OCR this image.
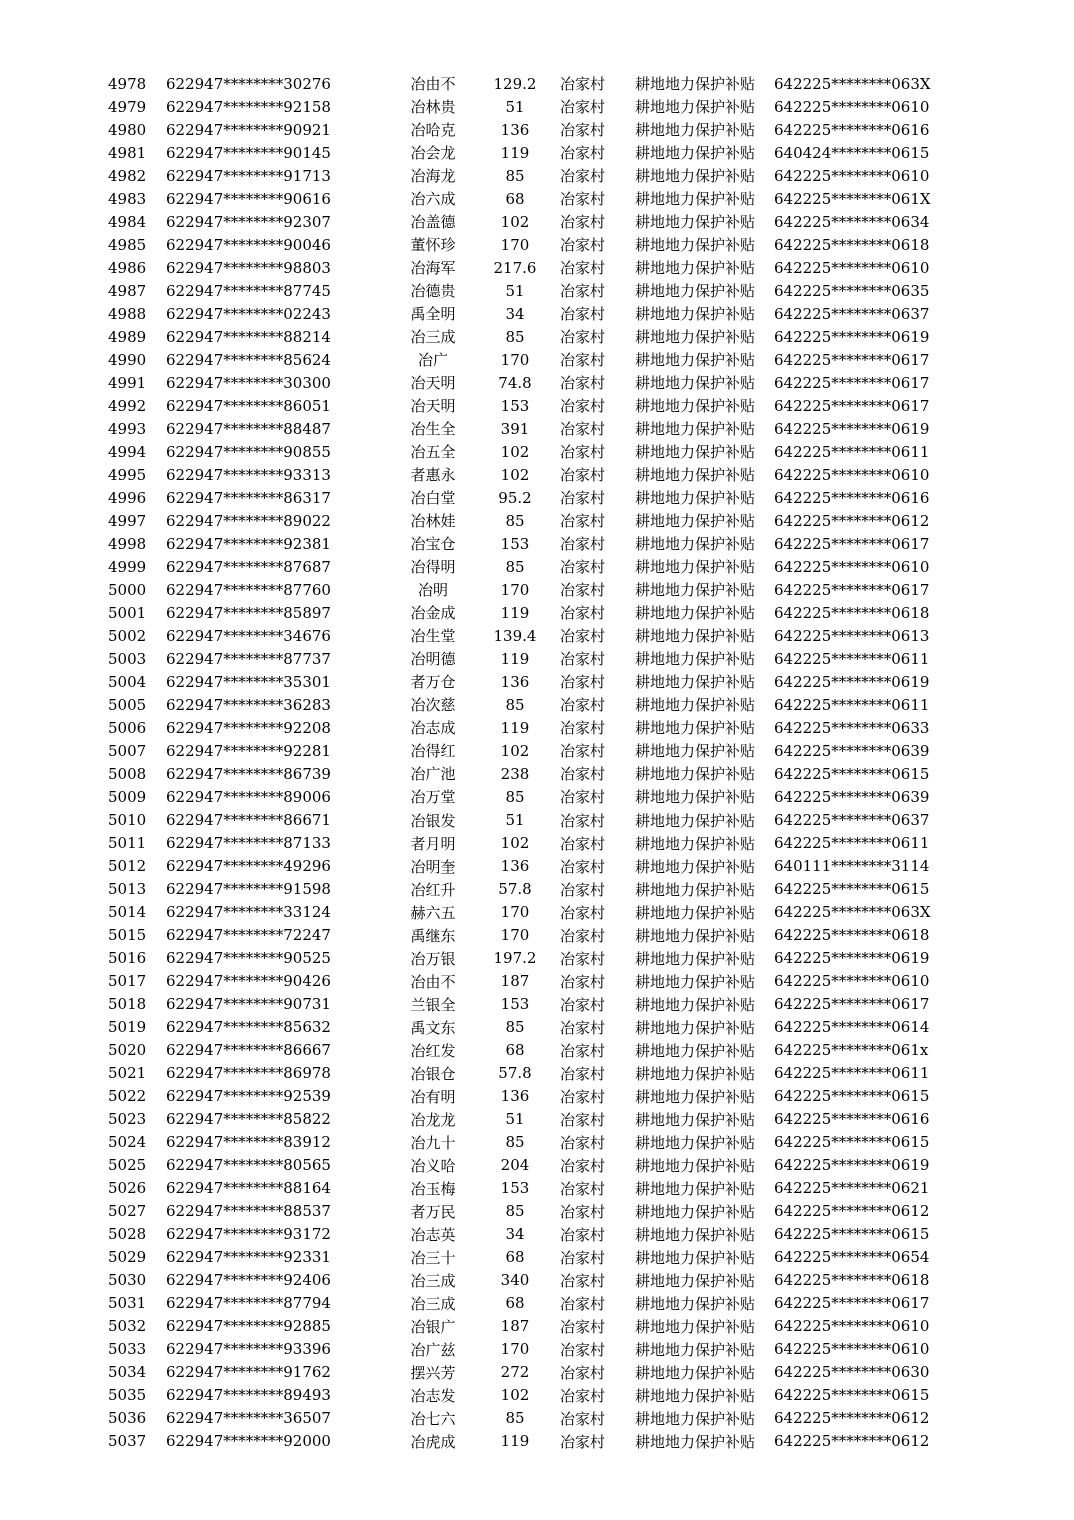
4978	622947********30276	冶由不	129.2	冶家村	耕地地力保护补贴	642225********063X
4979	622947********92158	冶林贵	51	冶家村	耕地地力保护补贴	642225********0610
4980	622947********90921	冶哈克	136	冶家村	耕地地力保护补贴	642225********0616
4981	622947********90145	冶会龙	119	冶家村	耕地地力保护补贴	640424********0615
4982	622947********91713	冶海龙	85	冶家村	耕地地力保护补贴	642225********0610
4983	622947********90616	冶六成	68	冶家村	耕地地力保护补贴	642225********061X
4984	622947********92307	冶盖德	102	冶家村	耕地地力保护补贴	642225********0634
4985	622947********90046	董怀珍	170	冶家村	耕地地力保护补贴	642225********0618
4986	622947********98803	冶海军	217.6	冶家村	耕地地力保护补贴	642225********0610
4987	622947********87745	冶德贵	51	冶家村	耕地地力保护补贴	642225********0635
4988	622947********02243	禹全明	34	冶家村	耕地地力保护补贴	642225********0637
4989	622947********88214	冶三成	85	冶家村	耕地地力保护补贴	642225********0619
4990	622947********85624	冶广	170	冶家村	耕地地力保护补贴	642225********0617
4991	622947********30300	冶天明	74.8	冶家村	耕地地力保护补贴	642225********0617
4992	622947********86051	冶天明	153	冶家村	耕地地力保护补贴	642225********0617
4993	622947********88487	冶生全	391	冶家村	耕地地力保护补贴	642225********0619
4994	622947********90855	冶五全	102	冶家村	耕地地力保护补贴	642225********0611
4995	622947********93313	者惠永	102	冶家村	耕地地力保护补贴	642225********0610
4996	622947********86317	冶白堂	95.2	冶家村	耕地地力保护补贴	642225********0616
4997	622947********89022	冶林娃	85	冶家村	耕地地力保护补贴	642225********0612
4998	622947********92381	冶宝仓	153	冶家村	耕地地力保护补贴	642225********0617
4999	622947********87687	冶得明	85	冶家村	耕地地力保护补贴	642225********0610
5000	622947********87760	冶明	170	冶家村	耕地地力保护补贴	642225********0617
5001	622947********85897	冶金成	119	冶家村	耕地地力保护补贴	642225********0618
5002	622947********34676	冶生堂	139.4	冶家村	耕地地力保护补贴	642225********0613
5003	622947********87737	冶明德	119	冶家村	耕地地力保护补贴	642225********0611
5004	622947********35301	者万仓	136	冶家村	耕地地力保护补贴	642225********0619
5005	622947********36283	冶次慈	85	冶家村	耕地地力保护补贴	642225********0611
5006	622947********92208	冶志成	119	冶家村	耕地地力保护补贴	642225********0633
5007	622947********92281	冶得红	102	冶家村	耕地地力保护补贴	642225********0639
5008	622947********86739	冶广池	238	冶家村	耕地地力保护补贴	642225********0615
5009	622947********89006	冶万堂	85	冶家村	耕地地力保护补贴	642225********0639
5010	622947********86671	冶银发	51	冶家村	耕地地力保护补贴	642225********0637
5011	622947********87133	者月明	102	冶家村	耕地地力保护补贴	642225********0611
5012	622947********49296	冶明奎	136	冶家村	耕地地力保护补贴	640111********3114
5013	622947********91598	冶红升	57.8	冶家村	耕地地力保护补贴	642225********0615
5014	622947********33124	赫六五	170	冶家村	耕地地力保护补贴	642225********063X
5015	622947********72247	禹继东	170	冶家村	耕地地力保护补贴	642225********0618
5016	622947********90525	冶万银	197.2	冶家村	耕地地力保护补贴	642225********0619
5017	622947********90426	冶由不	187	冶家村	耕地地力保护补贴	642225********0610
5018	622947********90731	兰银全	153	冶家村	耕地地力保护补贴	642225********0617
5019	622947********85632	禹文东	85	冶家村	耕地地力保护补贴	642225********0614
5020	622947********86667	冶红发	68	冶家村	耕地地力保护补贴	642225********061x
5021	622947********86978	冶银仓	57.8	冶家村	耕地地力保护补贴	642225********0611
5022	622947********92539	冶有明	136	冶家村	耕地地力保护补贴	642225********0615
5023	622947********85822	冶龙龙	51	冶家村	耕地地力保护补贴	642225********0616
5024	622947********83912	冶九十	85	冶家村	耕地地力保护补贴	642225********0615
5025	622947********80565	冶义哈	204	冶家村	耕地地力保护补贴	642225********0619
5026	622947********88164	冶玉梅	153	冶家村	耕地地力保护补贴	642225********0621
5027	622947********88537	者万民	85	冶家村	耕地地力保护补贴	642225********0612
5028	622947********93172	冶志英	34	冶家村	耕地地力保护补贴	642225********0615
5029	622947********92331	冶三十	68	冶家村	耕地地力保护补贴	642225********0654
5030	622947********92406	冶三成	340	冶家村	耕地地力保护补贴	642225********0618
5031	622947********87794	冶三成	68	冶家村	耕地地力保护补贴	642225********0617
5032	622947********92885	冶银广	187	冶家村	耕地地力保护补贴	642225********0610
5033	622947********93396	冶广兹	170	冶家村	耕地地力保护补贴	642225********0610
5034	622947********91762	摆兴芳	272	冶家村	耕地地力保护补贴	642225********0630
5035	622947********89493	冶志发	102	冶家村	耕地地力保护补贴	642225********0615
5036	622947********36507	冶七六	85	冶家村	耕地地力保护补贴	642225********0612
5037	622947********92000	冶虎成	119	冶家村	耕地地力保护补贴	642225********0612
